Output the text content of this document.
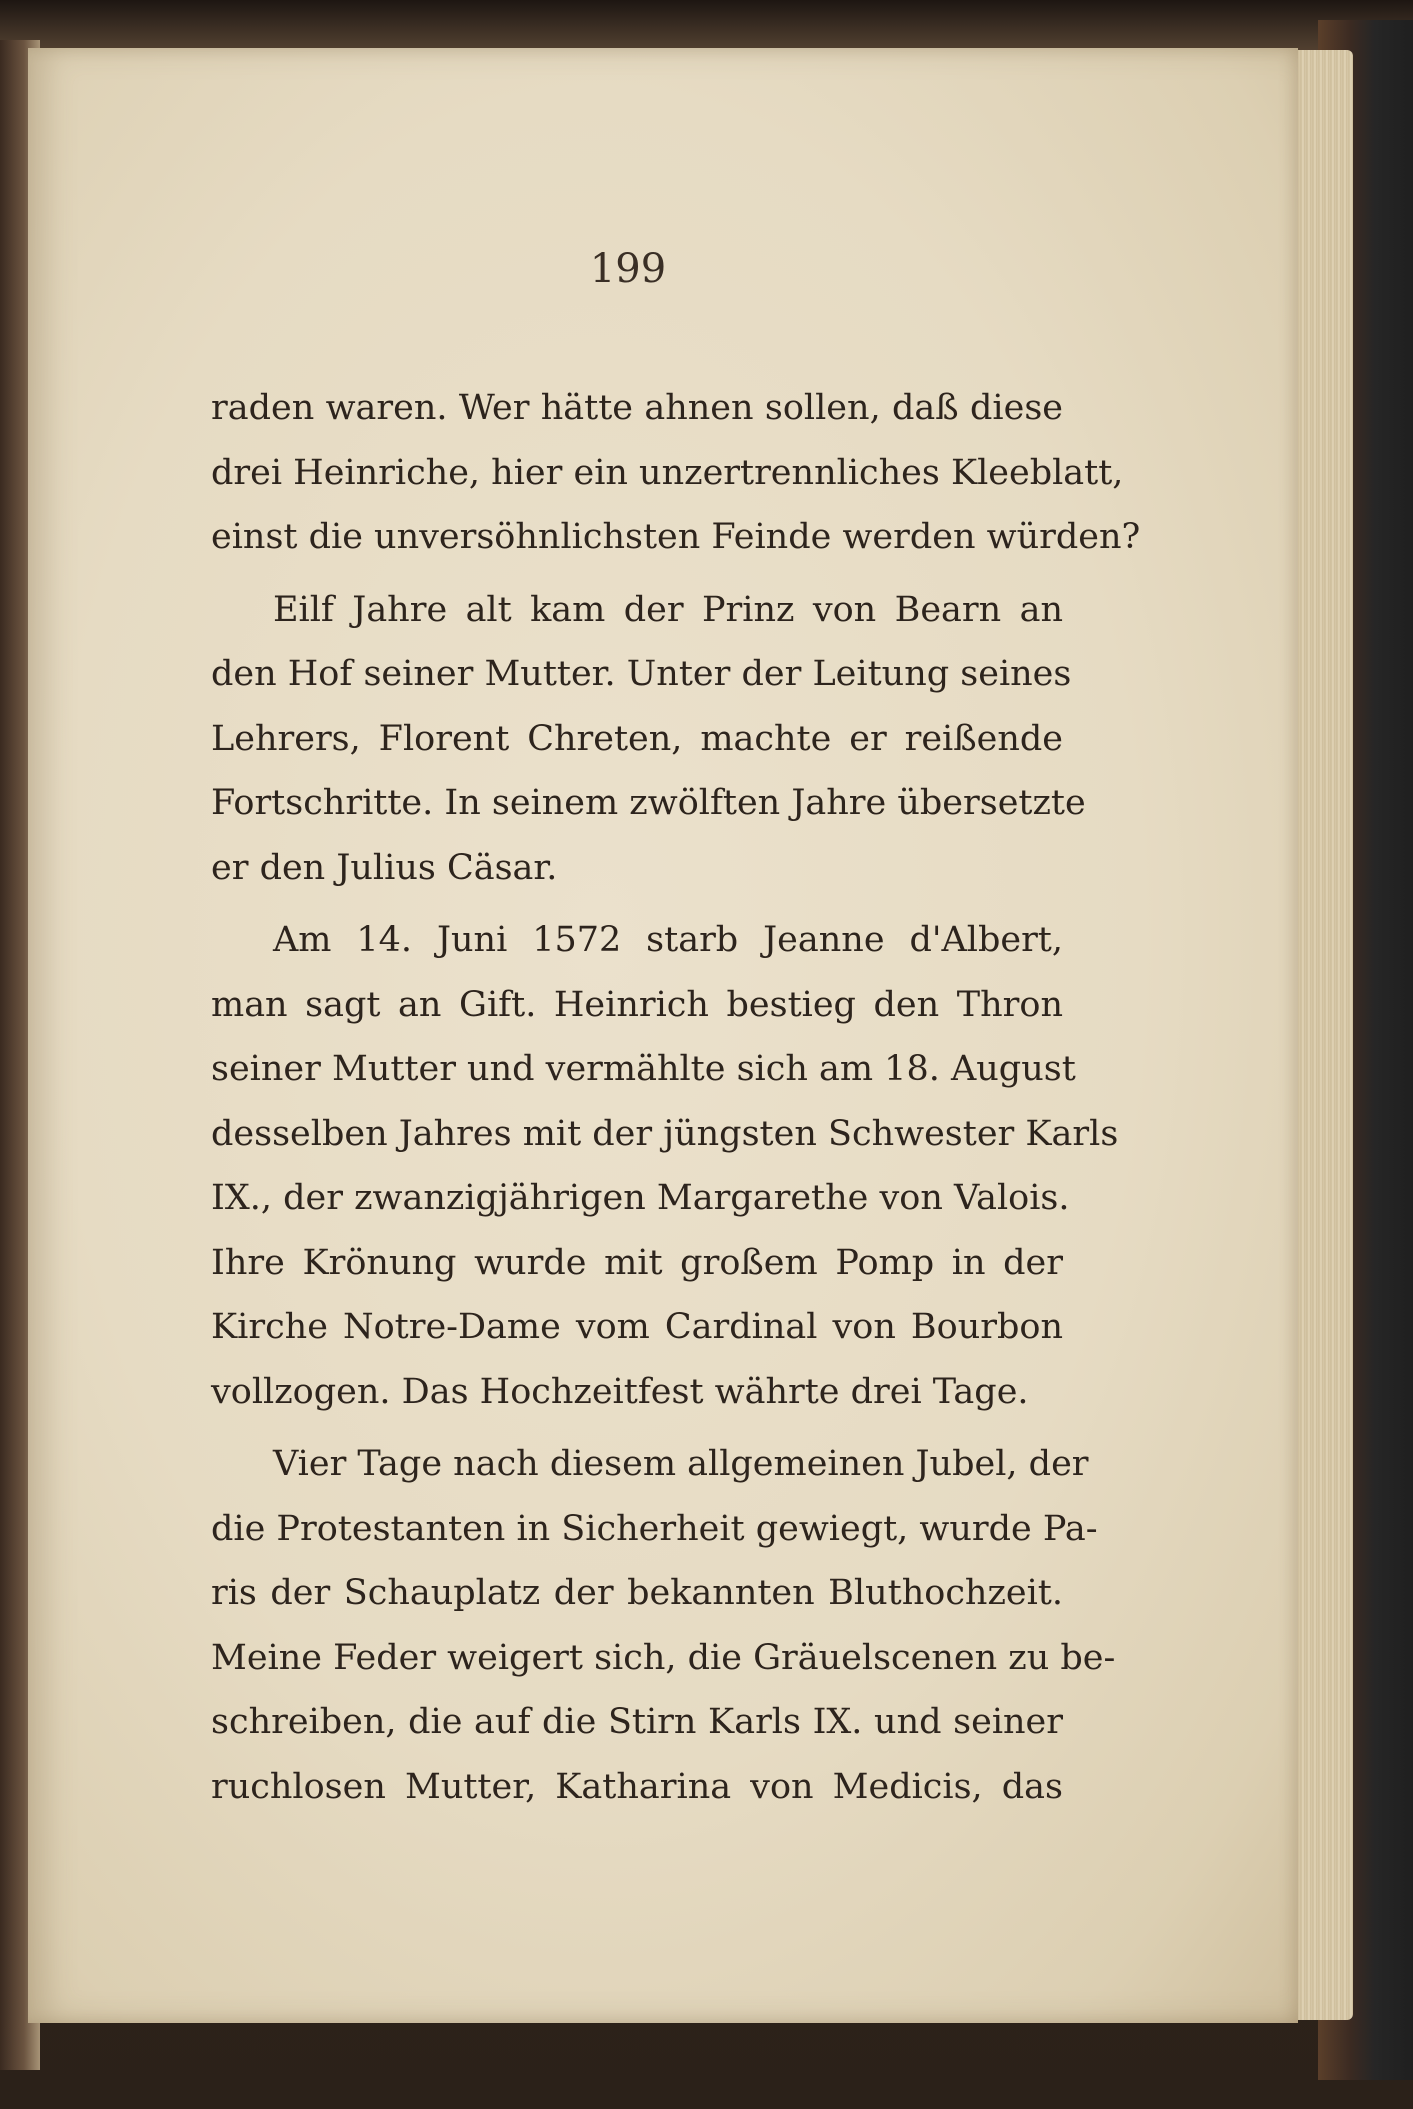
199
raden waren. Wer hätte ahnen sollen, daß diese
drei Heinriche, hier ein unzertrennliches Kleeblatt,
einst die unversöhnlichsten Feinde werden würden?
Eilf Jahre alt kam der Prinz von Bearn an
den Hof seiner Mutter. Unter der Leitung seines
Lehrers, Florent Chreten, machte er reißende
Fortschritte. In seinem zwölften Jahre übersetzte
er den Julius Cäsar.
Am 14. Juni 1572 starb Jeanne d'Albert,
man sagt an Gift. Heinrich bestieg den Thron
seiner Mutter und vermählte sich am 18. August
desselben Jahres mit der jüngsten Schwester Karls
IX., der zwanzigjährigen Margarethe von Valois.
Ihre Krönung wurde mit großem Pomp in der
Kirche Notre-Dame vom Cardinal von Bourbon
vollzogen. Das Hochzeitfest währte drei Tage.
Vier Tage nach diesem allgemeinen Jubel, der
die Protestanten in Sicherheit gewiegt, wurde Pa-
ris der Schauplatz der bekannten Bluthochzeit.
Meine Feder weigert sich, die Gräuelscenen zu be-
schreiben, die auf die Stirn Karls IX. und seiner
ruchlosen Mutter, Katharina von Medicis, das
